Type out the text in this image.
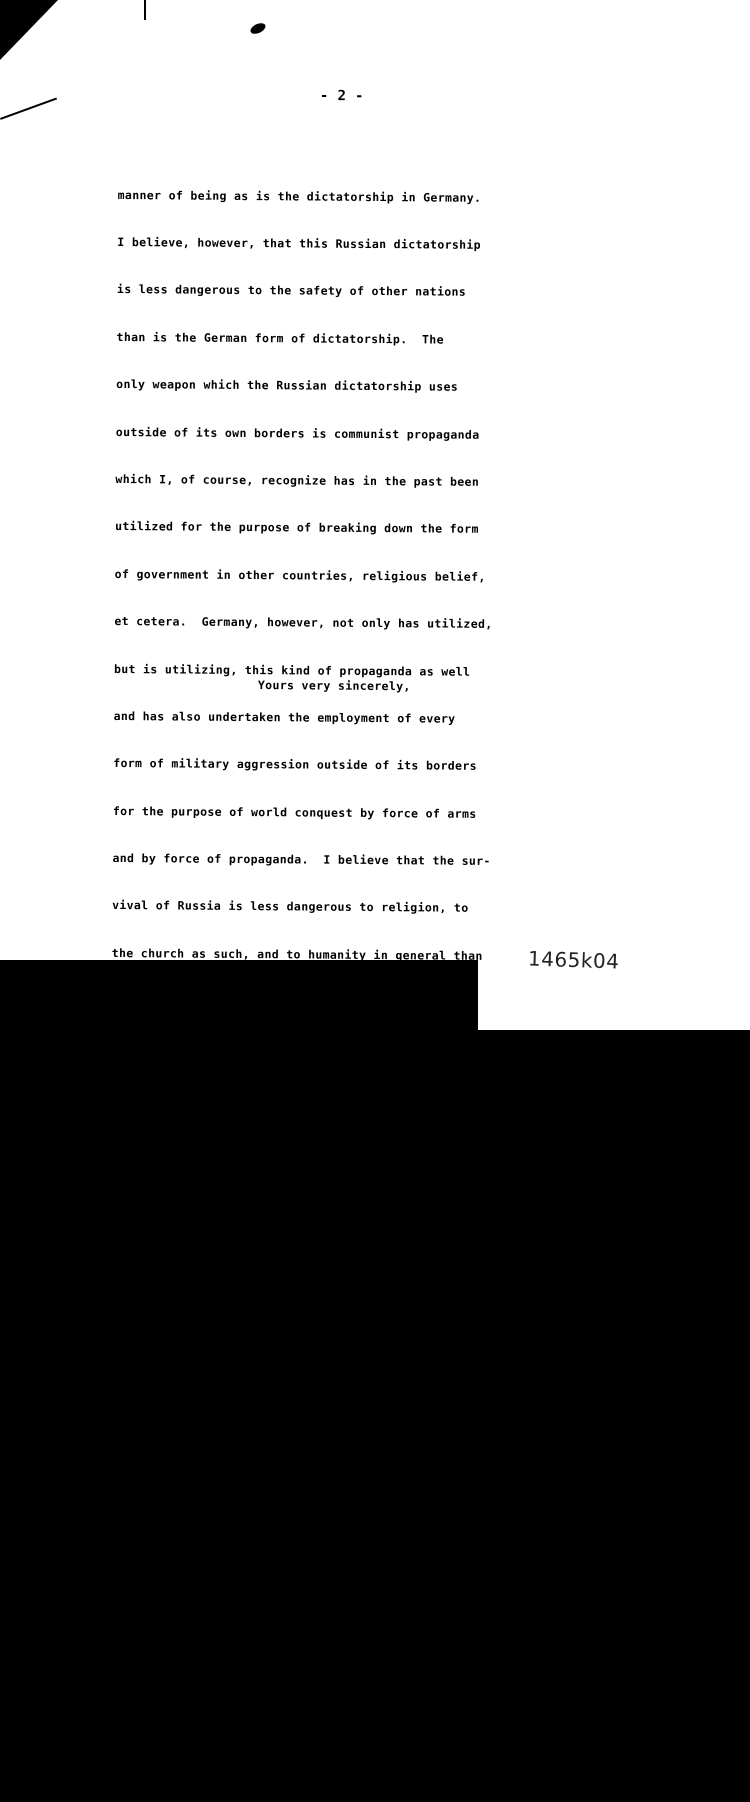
- 2 -

manner of being as is the dictatorship in Germany.

I believe, however, that this Russian dictatorship

is less dangerous to the safety of other nations

than is the German form of dictatorship.  The

only weapon which the Russian dictatorship uses

outside of its own borders is communist propaganda

which I, of course, recognize has in the past been

utilized for the purpose of breaking down the form

of government in other countries, religious belief,

et cetera.  Germany, however, not only has utilized,

but is utilizing, this kind of propaganda as well

and has also undertaken the employment of every

form of military aggression outside of its borders

for the purpose of world conquest by force of arms

and by force of propaganda.  I believe that the sur-

vival of Russia is less dangerous to religion, to

the church as such, and to humanity in general than

would be the survival of the German form of dicta-

torship.  Furthermore, it is my belief that the

leaders of all churches in the United States should

recognize these facts clearly and should not close

their eyes to these basic questions and by their

present attitude on this question directly assist

Germany in her present objectives.

Bearing in mind the common desire which Your

Holiness and I share that a firm basis for last-

ing concord between men and nations founded on the

principles of Christianity can again be established,

I have asked Mr. Taylor to explain my feelings in

this matter in order that Your Holiness may under-

stand my position in this respect.

Believe me, with the assurances of my highest

regard,

Yours very sincerely,
1465k04
